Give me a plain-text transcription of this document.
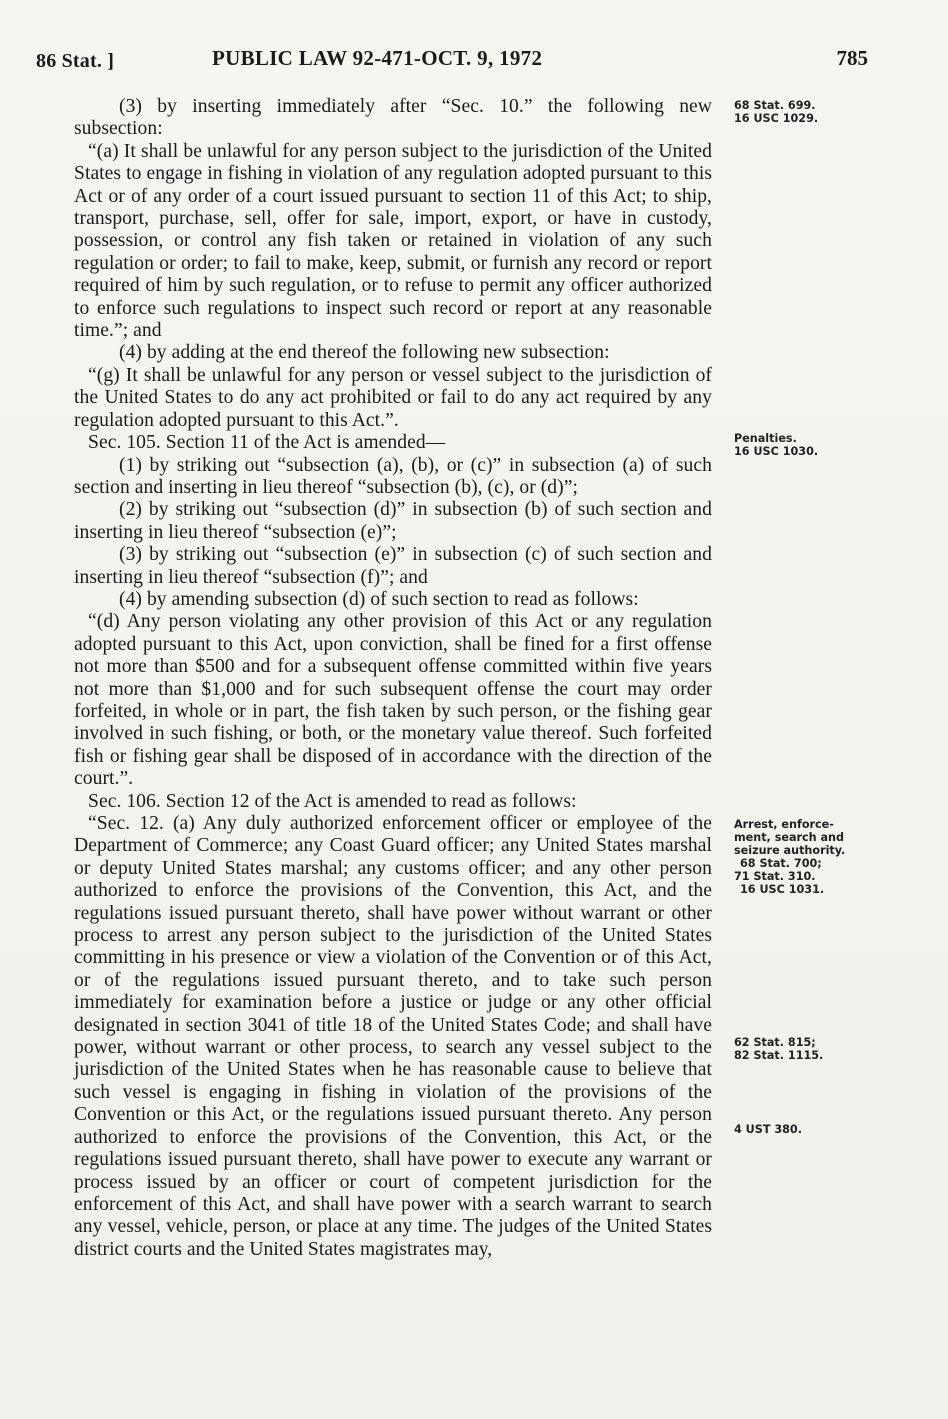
86 Stat. ]	PUBLIC LAW 92-471-OCT. 9, 1972	785

(3) by inserting immediately after “Sec. 10.” the following new subsection:

“(a) It shall be unlawful for any person subject to the jurisdiction of the United States to engage in fishing in violation of any regulation adopted pursuant to this Act or of any order of a court issued pursuant to section 11 of this Act; to ship, transport, purchase, sell, offer for sale, import, export, or have in custody, possession, or control any fish taken or retained in violation of any such regulation or order; to fail to make, keep, submit, or furnish any record or report required of him by such regulation, or to refuse to permit any officer authorized to enforce such regulations to inspect such record or report at any reasonable time.”; and

(4) by adding at the end thereof the following new subsection:

“(g) It shall be unlawful for any person or vessel subject to the jurisdiction of the United States to do any act prohibited or fail to do any act required by any regulation adopted pursuant to this Act.”.

Sec. 105. Section 11 of the Act is amended—

(1) by striking out “subsection (a), (b), or (c)” in subsection (a) of such section and inserting in lieu thereof “subsection (b), (c), or (d)”;

(2) by striking out “subsection (d)” in subsection (b) of such section and inserting in lieu thereof “subsection (e)”;

(3) by striking out “subsection (e)” in subsection (c) of such section and inserting in lieu thereof “subsection (f)”; and

(4) by amending subsection (d) of such section to read as follows:

“(d) Any person violating any other provision of this Act or any regulation adopted pursuant to this Act, upon conviction, shall be fined for a first offense not more than $500 and for a subsequent offense committed within five years not more than $1,000 and for such subsequent offense the court may order forfeited, in whole or in part, the fish taken by such person, or the fishing gear involved in such fishing, or both, or the monetary value thereof. Such forfeited fish or fishing gear shall be disposed of in accordance with the direction of the court.”.

Sec. 106. Section 12 of the Act is amended to read as follows:

“Sec. 12. (a) Any duly authorized enforcement officer or employee of the Department of Commerce; any Coast Guard officer; any United States marshal or deputy United States marshal; any customs officer; and any other person authorized to enforce the provisions of the Convention, this Act, and the regulations issued pursuant thereto, shall have power without warrant or other process to arrest any person subject to the jurisdiction of the United States committing in his presence or view a violation of the Convention or of this Act, or of the regulations issued pursuant thereto, and to take such person immediately for examination before a justice or judge or any other official designated in section 3041 of title 18 of the United States Code; and shall have power, without warrant or other process, to search any vessel subject to the jurisdiction of the United States when he has reasonable cause to believe that such vessel is engaging in fishing in violation of the provisions of the Convention or this Act, or the regulations issued pursuant thereto. Any person authorized to enforce the provisions of the Convention, this Act, or the regulations issued pursuant thereto, shall have power to execute any warrant or process issued by an officer or court of competent jurisdiction for the enforcement of this Act, and shall have power with a search warrant to search any vessel, vehicle, person, or place at any time. The judges of the United States district courts and the United States magistrates may,

68 Stat. 699.
16 USC 1029.
Penalties.
16 USC 1030.
Arrest, enforce-
ment, search and
seizure authority.
68 Stat. 700;
71 Stat. 310.
16 USC 1031.
62 Stat. 815;
82 Stat. 1115.
4 UST 380.
